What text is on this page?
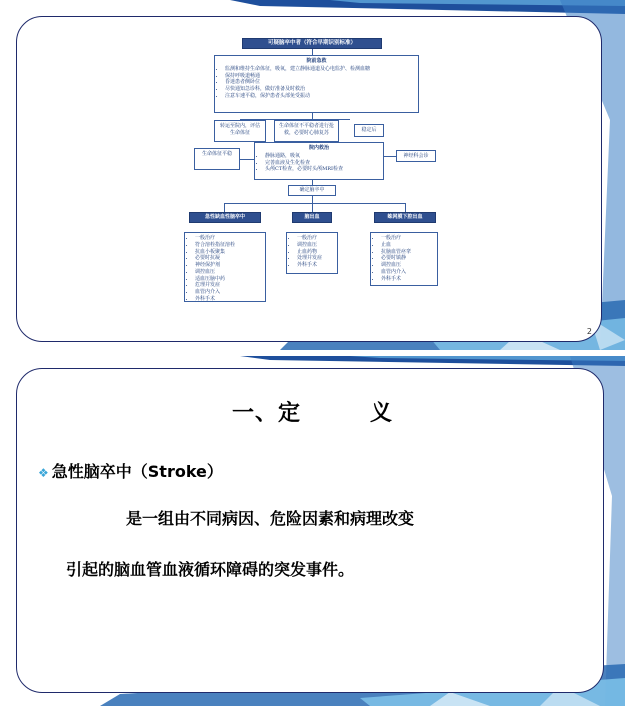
可疑脑卒中者（符合早期识别标准）
院前急救
• 监测和维持生命体征，吸氧，建立静脉通道及心电监护、检测血糖
• 保持呼吸道畅通
• 昏迷患者侧卧位
• 尽快通知急诊科，做好准备及时救治
• 注意车速平稳，保护患者头部免受振动
转运至院内，评估生命体征
生命体征不平稳者进行抢救，必要时心肺复苏	稳定后
生命体征平稳
院内救治
• 静脉通路，吸氧
• 完善血液及生化检查
• 头颅CT检查，必要时头颅MRI检查
神经科会诊
确定脑卒中
急性缺血性脑卒中	脑出血	蛛网膜下腔出血
• 一般治疗
• 符合溶栓指征溶栓
• 抗血小板聚集
• 必要时抗凝
• 神经保护剂
• 调控血压
• 适血压脑中药
• 危理并发症
• 血管内介入
• 外科手术
• 一般治疗
• 调控血压
• 止血药物
• 处理并发症
• 外科手术
• 一般治疗
• 止血
• 抗脑血管痉挛
• 必要时镇静
• 调控血压
• 血管内介入
• 外科手术
2
一、定　　　义
❖ 急性脑卒中（Stroke）
是一组由不同病因、危险因素和病理改变
引起的脑血管血液循环障碍的突发事件。
